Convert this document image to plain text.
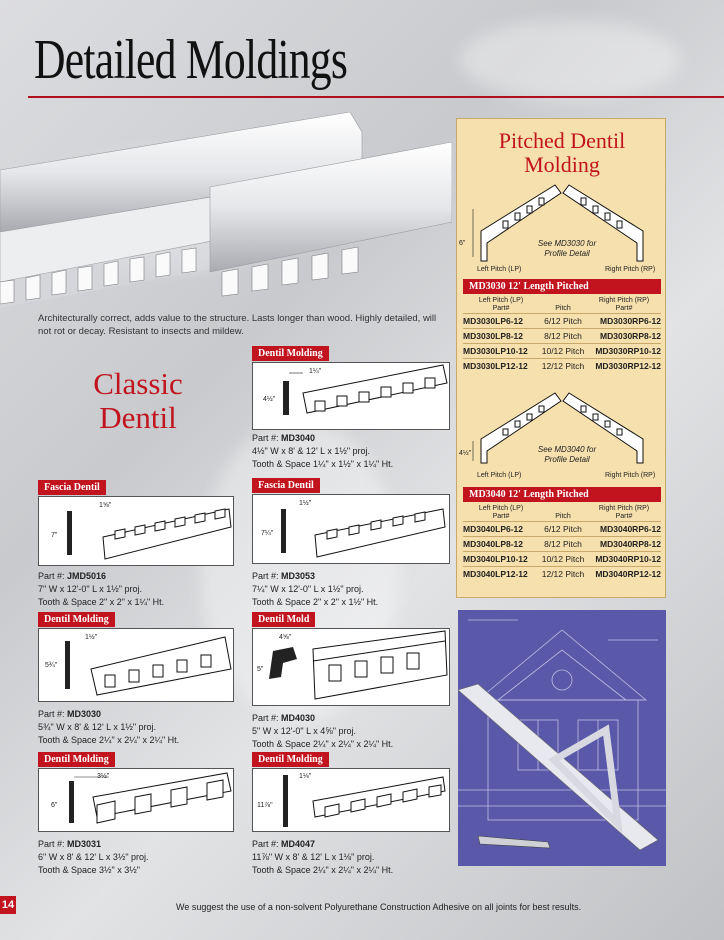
Detailed Moldings
Architecturally correct, adds value to the structure. Lasts longer than wood. Highly detailed, will not rot or decay. Resistant to insects and mildew.
Classic
Dentil
Dentil Molding
1¼"
4½"
Part #: MD3040
4½" W x 8' & 12' L x 1½" proj.
Tooth & Space 1¼" x 1½" x 1¼" Ht.
Fascia Dentil
1⅝"
7"
Part #: JMD5016
7" W x 12'-0" L x 1½" proj.
Tooth & Space 2" x 2" x 1¼" Ht.
Fascia Dentil
1½"
7¼"
Part #: MD3053
7¼" W x 12'-0" L x 1½" proj.
Tooth & Space 2" x 2" x 1½" Ht.
Dentil Molding
1½"
5¾"
Part #: MD3030
5¾" W x 8' & 12' L x 1½" proj.
Tooth & Space 2¼" x 2¼" x 2¼" Ht.
Dentil Mold
4⅝"
5"
Part #: MD4030
5" W x 12'-0" L x 4⅝" proj.
Tooth & Space 2¼" x 2¼" x 2¼" Ht.
Dentil Molding
3½"
6"
Part #: MD3031
6" W x 8' & 12' L x 3½" proj.
Tooth & Space 3½" x 3½"
Dentil Molding
1⅛"
11⅞"
Part #: MD4047
11⅞" W x 8' & 12' L x 1⅛" proj.
Tooth & Space 2¼" x 2¼" x 2¼" Ht.
Pitched Dentil
Molding
6"	See MD3030 for
Profile Detail
Left Pitch (LP)	Right Pitch (RP)
MD3030 12' Length Pitched
Left Pitch (LP)
Part#	Pitch
Right Pitch (RP)
Part#
MD3030LP6-12	6/12 Pitch	MD3030RP6-12
MD3030LP8-12	8/12 Pitch	MD3030RP8-12
MD3030LP10-12	10/12 Pitch	MD3030RP10-12
MD3030LP12-12	12/12 Pitch	MD3030RP12-12
4½"	See MD3040 for
Profile Detail
Left Pitch (LP)	Right Pitch (RP)
MD3040 12' Length Pitched
Left Pitch (LP)
Part#	Pitch
Right Pitch (RP)
Part#
MD3040LP6-12	6/12 Pitch	MD3040RP6-12
MD3040LP8-12	8/12 Pitch	MD3040RP8-12
MD3040LP10-12	10/12 Pitch	MD3040RP10-12
MD3040LP12-12	12/12 Pitch	MD3040RP12-12
14	We suggest the use of a non-solvent Polyurethane Construction Adhesive on all joints for best results.
